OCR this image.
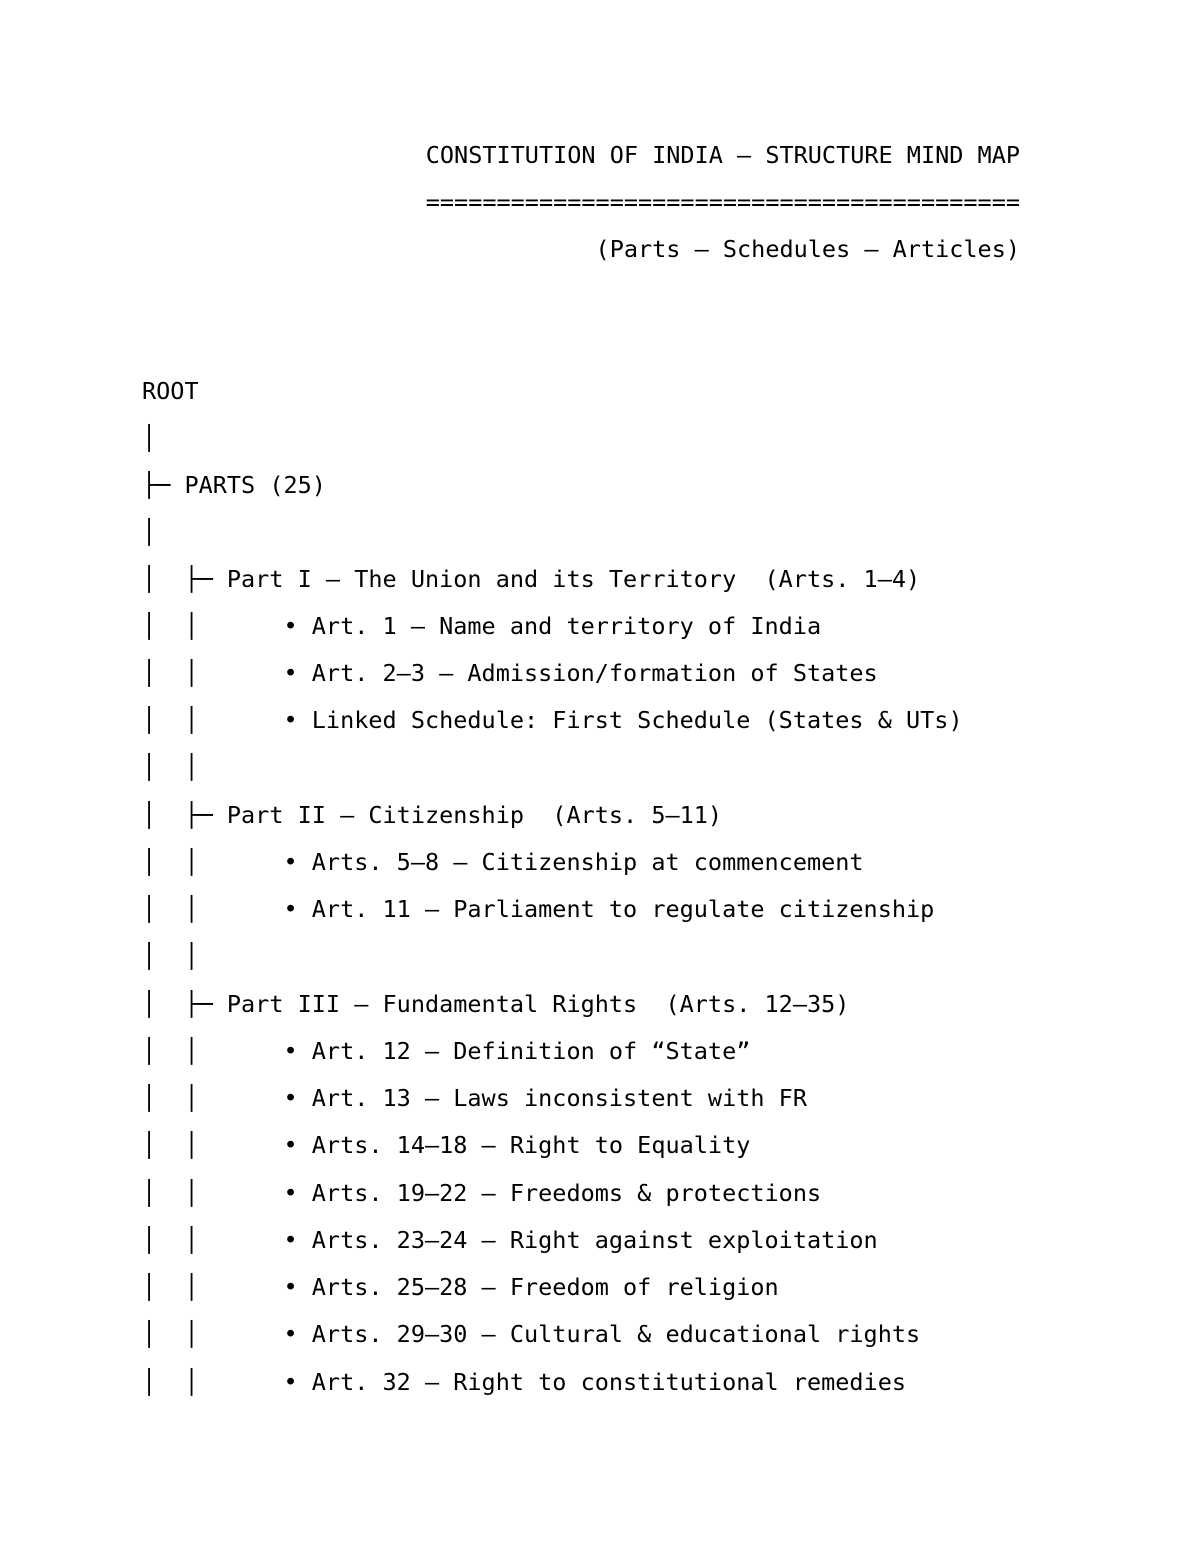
CONSTITUTION OF INDIA — STRUCTURE MIND MAP

==========================================

(Parts — Schedules — Articles)

ROOT

│

├─ PARTS (25)

│

│  ├─ Part I — The Union and its Territory  (Arts. 1–4)

│  │      • Art. 1 — Name and territory of India

│  │      • Art. 2–3 — Admission/formation of States

│  │      • Linked Schedule: First Schedule (States & UTs)

│  │

│  ├─ Part II — Citizenship  (Arts. 5–11)

│  │      • Arts. 5–8 — Citizenship at commencement

│  │      • Art. 11 — Parliament to regulate citizenship

│  │

│  ├─ Part III — Fundamental Rights  (Arts. 12–35)

│  │      • Art. 12 — Definition of “State”

│  │      • Art. 13 — Laws inconsistent with FR

│  │      • Arts. 14–18 — Right to Equality

│  │      • Arts. 19–22 — Freedoms & protections

│  │      • Arts. 23–24 — Right against exploitation

│  │      • Arts. 25–28 — Freedom of religion

│  │      • Arts. 29–30 — Cultural & educational rights

│  │      • Art. 32 — Right to constitutional remedies
